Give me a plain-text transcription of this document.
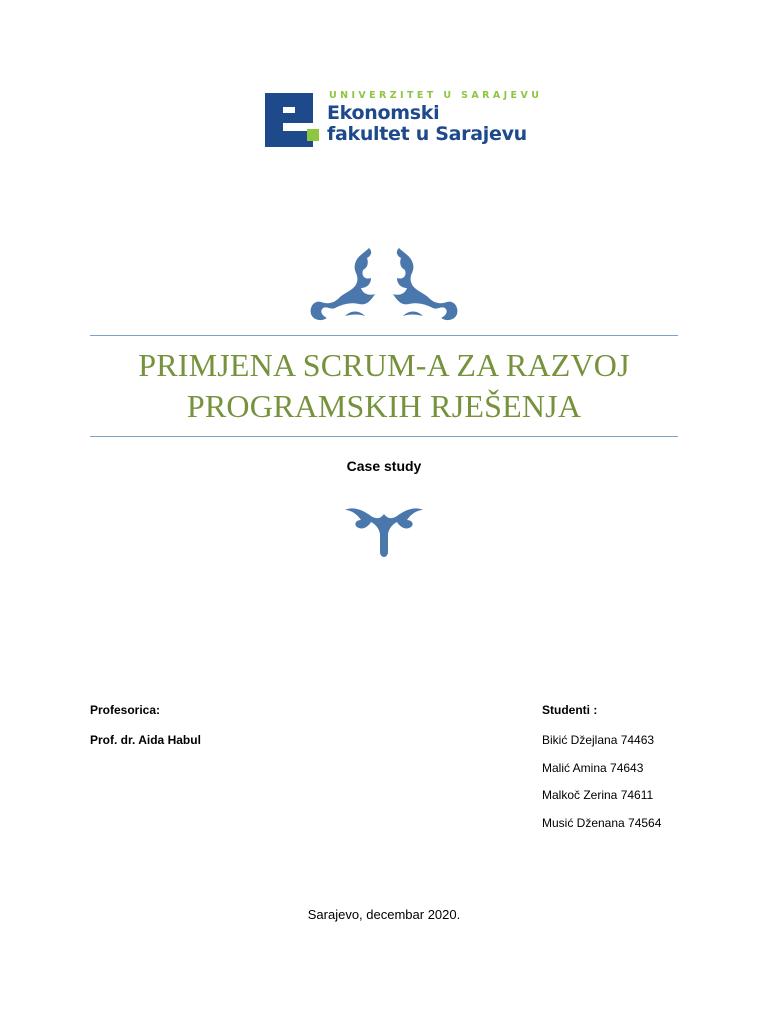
UNIVERZITET U SARAJEVU
Ekonomski
fakultet u Sarajevu
PRIMJENA SCRUM-A ZA RAZVOJ
PROGRAMSKIH RJEŠENJA
Case study
Profesorica:
Prof. dr. Aida Habul
Studenti :
Bikić Džejlana 74463
Malić Amina 74643
Malkoč Zerina 74611
Musić Dženana 74564
Sarajevo, decembar 2020.
